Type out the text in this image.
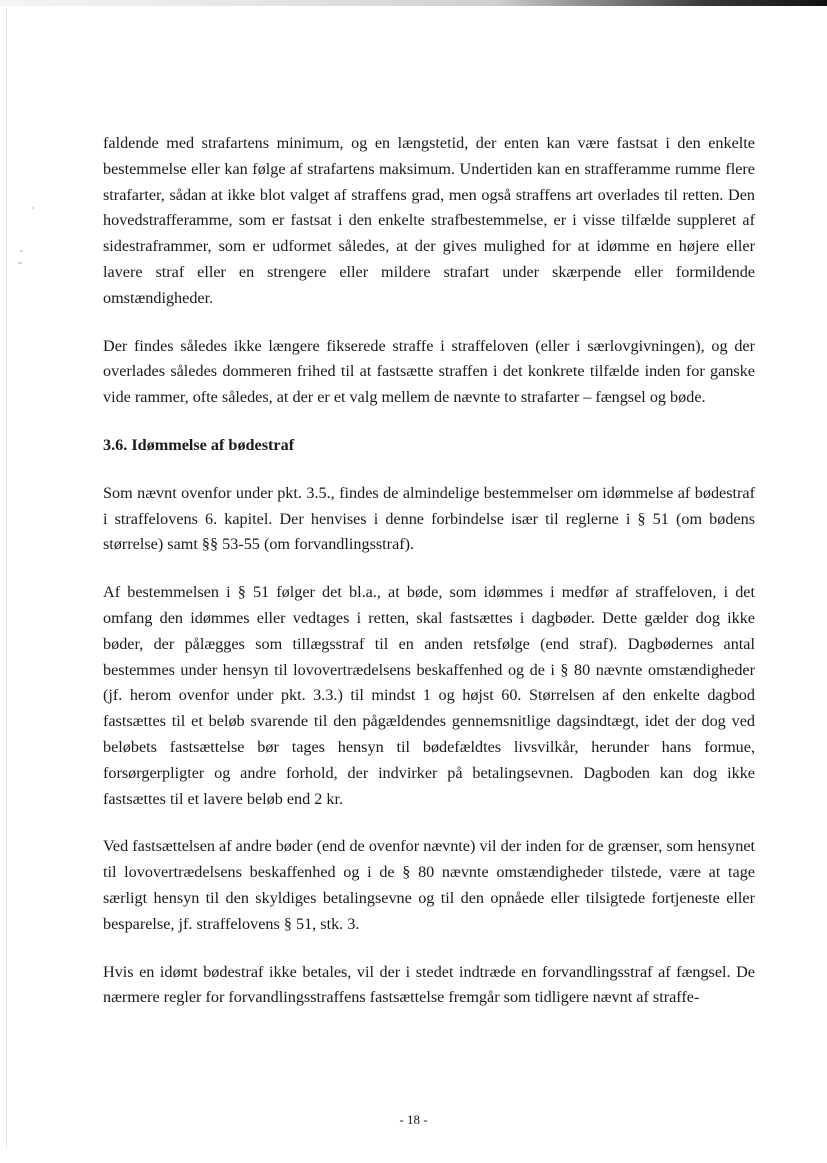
faldende med strafartens minimum, og en længstetid, der enten kan være fastsat i den enkelte bestemmelse eller kan følge af strafartens maksimum. Undertiden kan en strafferamme rumme flere strafarter, sådan at ikke blot valget af straffens grad, men også straffens art overlades til retten. Den hovedstrafferamme, som er fastsat i den enkelte strafbestemmelse, er i visse tilfælde suppleret af sidestraframmer, som er udformet således, at der gives mulighed for at idømme en højere eller lavere straf eller en strengere eller mildere strafart under skærpende eller formildende omstændigheder.

Der findes således ikke længere fikserede straffe i straffeloven (eller i særlovgivningen), og der overlades således dommeren frihed til at fastsætte straffen i det konkrete tilfælde inden for ganske vide rammer, ofte således, at der er et valg mellem de nævnte to strafarter – fængsel og bøde.

3.6. Idømmelse af bødestraf

Som nævnt ovenfor under pkt. 3.5., findes de almindelige bestemmelser om idømmelse af bødestraf i straffelovens 6. kapitel. Der henvises i denne forbindelse især til reglerne i § 51 (om bødens størrelse) samt §§ 53-55 (om forvandlingsstraf).

Af bestemmelsen i § 51 følger det bl.a., at bøde, som idømmes i medfør af straffeloven, i det omfang den idømmes eller vedtages i retten, skal fastsættes i dagbøder. Dette gælder dog ikke bøder, der pålægges som tillægsstraf til en anden retsfølge (end straf). Dagbødernes antal bestemmes under hensyn til lovovertrædelsens beskaffenhed og de i § 80 nævnte omstændigheder (jf. herom ovenfor under pkt. 3.3.) til mindst 1 og højst 60. Størrelsen af den enkelte dagbod fastsættes til et beløb svarende til den pågældendes gennemsnitlige dagsindtægt, idet der dog ved beløbets fastsættelse bør tages hensyn til bødefældtes livsvilkår, herunder hans formue, forsørgerpligter og andre forhold, der indvirker på betalingsevnen. Dagboden kan dog ikke fastsættes til et lavere beløb end 2 kr.

Ved fastsættelsen af andre bøder (end de ovenfor nævnte) vil der inden for de grænser, som hensynet til lovovertrædelsens beskaffenhed og i de § 80 nævnte omstændigheder tilstede, være at tage særligt hensyn til den skyldiges betalingsevne og til den opnåede eller tilsigtede fortjeneste eller besparelse, jf. straffelovens § 51, stk. 3.

Hvis en idømt bødestraf ikke betales, vil der i stedet indtræde en forvandlingsstraf af fængsel. De nærmere regler for forvandlingsstraffens fastsættelse fremgår som tidligere nævnt af straffe-

- 18 -
